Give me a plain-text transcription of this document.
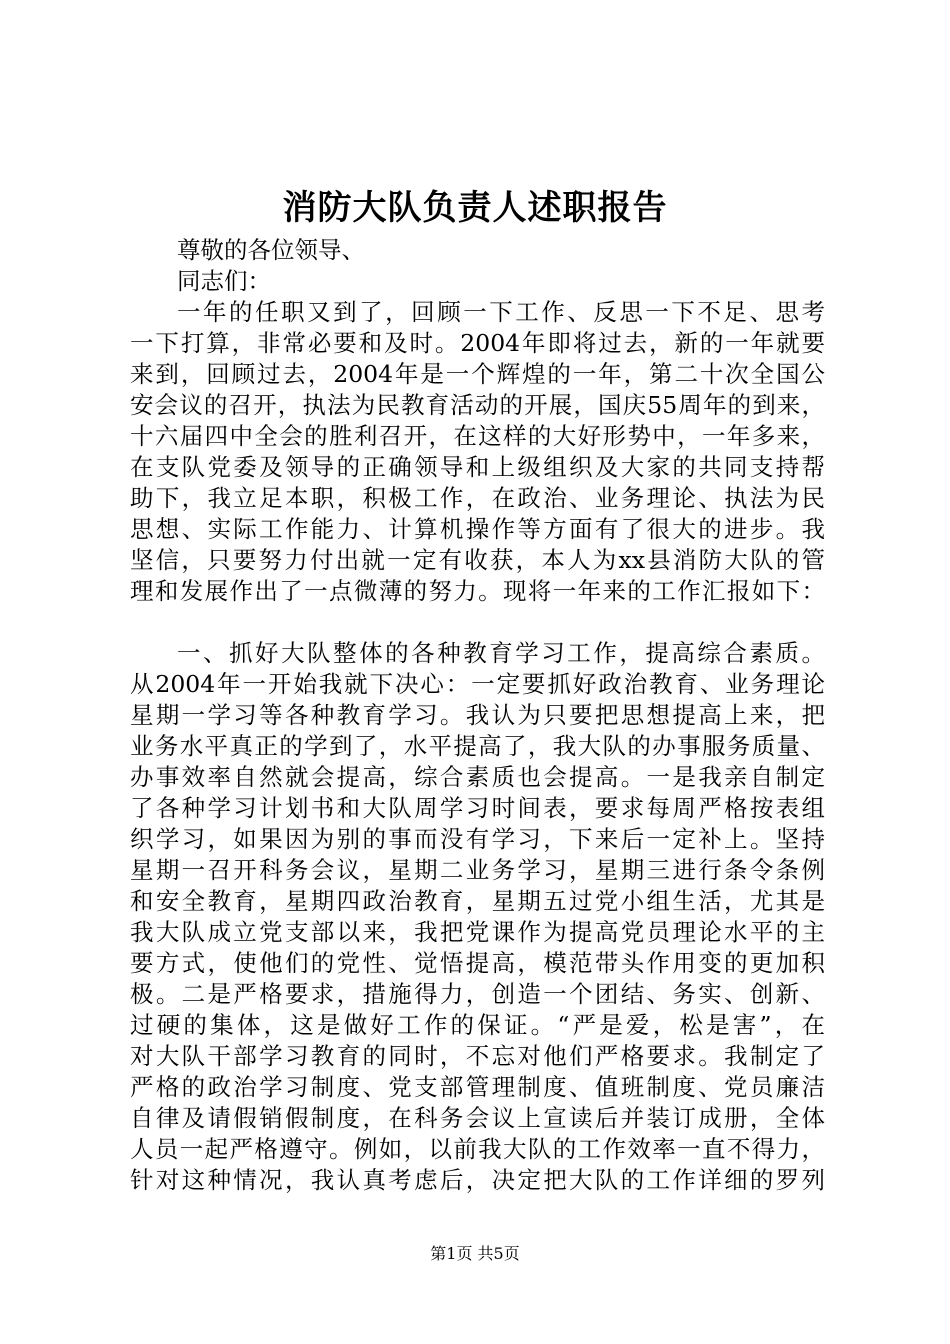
消防大队负责人述职报告
尊敬的各位领导、
同志们：
一年的任职又到了，回顾一下工作、反思一下不足、思考
一下打算，非常必要和及时。2004年即将过去，新的一年就要
来到，回顾过去，2004年是一个辉煌的一年，第二十次全国公
安会议的召开，执法为民教育活动的开展，国庆55周年的到来，
十六届四中全会的胜利召开，在这样的大好形势中，一年多来，
在支队党委及领导的正确领导和上级组织及大家的共同支持帮
助下，我立足本职，积极工作，在政治、业务理论、执法为民
思想、实际工作能力、计算机操作等方面有了很大的进步。我
坚信，只要努力付出就一定有收获，本人为xx县消防大队的管
理和发展作出了一点微薄的努力。现将一年来的工作汇报如下：
一、抓好大队整体的各种教育学习工作，提高综合素质。
从2004年一开始我就下决心：一定要抓好政治教育、业务理论
星期一学习等各种教育学习。我认为只要把思想提高上来，把
业务水平真正的学到了，水平提高了，我大队的办事服务质量、
办事效率自然就会提高，综合素质也会提高。一是我亲自制定
了各种学习计划书和大队周学习时间表，要求每周严格按表组
织学习，如果因为别的事而没有学习，下来后一定补上。坚持
星期一召开科务会议，星期二业务学习，星期三进行条令条例
和安全教育，星期四政治教育，星期五过党小组生活，尤其是
我大队成立党支部以来，我把党课作为提高党员理论水平的主
要方式，使他们的党性、觉悟提高，模范带头作用变的更加积
极。二是严格要求，措施得力，创造一个团结、务实、创新、
过硬的集体，这是做好工作的保证。“严是爱，松是害”，在
对大队干部学习教育的同时，不忘对他们严格要求。我制定了
严格的政治学习制度、党支部管理制度、值班制度、党员廉洁
自律及请假销假制度，在科务会议上宣读后并装订成册，全体
人员一起严格遵守。例如，以前我大队的工作效率一直不得力，
针对这种情况，我认真考虑后，决定把大队的工作详细的罗列
第1页 共5页
